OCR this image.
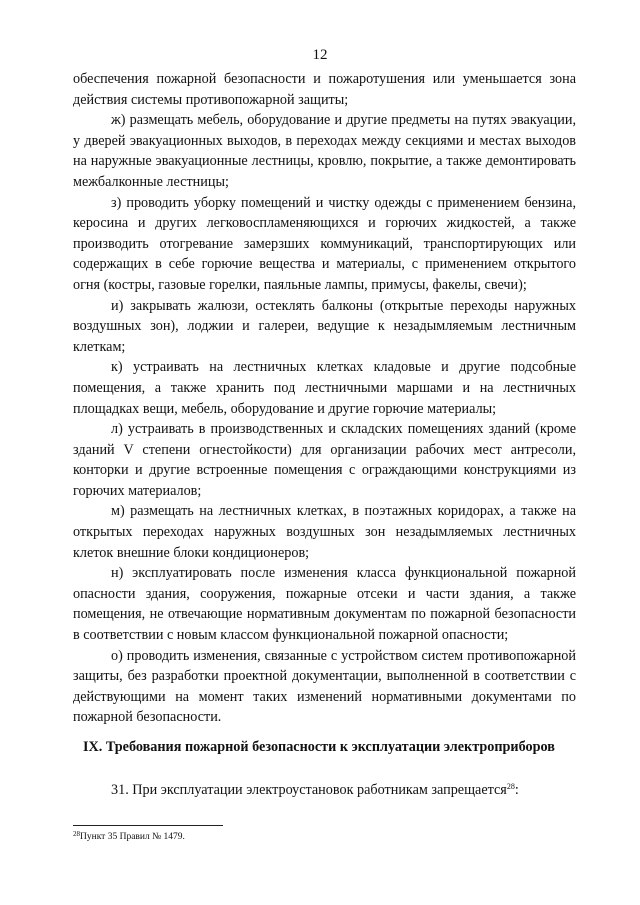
12

обеспечения пожарной безопасности и пожаротушения или уменьшается зона действия системы противопожарной защиты;

ж) размещать мебель, оборудование и другие предметы на путях эвакуации, у дверей эвакуационных выходов, в переходах между секциями и местах выходов на наружные эвакуационные лестницы, кровлю, покрытие, а также демонтировать межбалконные лестницы;

з) проводить уборку помещений и чистку одежды с применением бензина, керосина и других легковоспламеняющихся и горючих жидкостей, а также производить отогревание замерзших коммуникаций, транспортирующих или содержащих в себе горючие вещества и материалы, с применением открытого огня (костры, газовые горелки, паяльные лампы, примусы, факелы, свечи);

и) закрывать жалюзи, остеклять балконы (открытые переходы наружных воздушных зон), лоджии и галереи, ведущие к незадымляемым лестничным клеткам;

к) устраивать на лестничных клетках кладовые и другие подсобные помещения, а также хранить под лестничными маршами и на лестничных площадках вещи, мебель, оборудование и другие горючие материалы;

л) устраивать в производственных и складских помещениях зданий (кроме зданий V степени огнестойкости) для организации рабочих мест антресоли, конторки и другие встроенные помещения с ограждающими конструкциями из горючих материалов;

м) размещать на лестничных клетках, в поэтажных коридорах, а также на открытых переходах наружных воздушных зон незадымляемых лестничных клеток внешние блоки кондиционеров;

н) эксплуатировать после изменения класса функциональной пожарной опасности здания, сооружения, пожарные отсеки и части здания, а также помещения, не отвечающие нормативным документам по пожарной безопасности в соответствии с новым классом функциональной пожарной опасности;

о) проводить изменения, связанные с устройством систем противопожарной защиты, без разработки проектной документации, выполненной в соответствии с действующими на момент таких изменений нормативными документами по пожарной безопасности.

IX. Требования пожарной безопасности к эксплуатации электроприборов
31. При эксплуатации электроустановок работникам запрещается$^{28}$:
$^{28}$Пункт 35 Правил № 1479.
